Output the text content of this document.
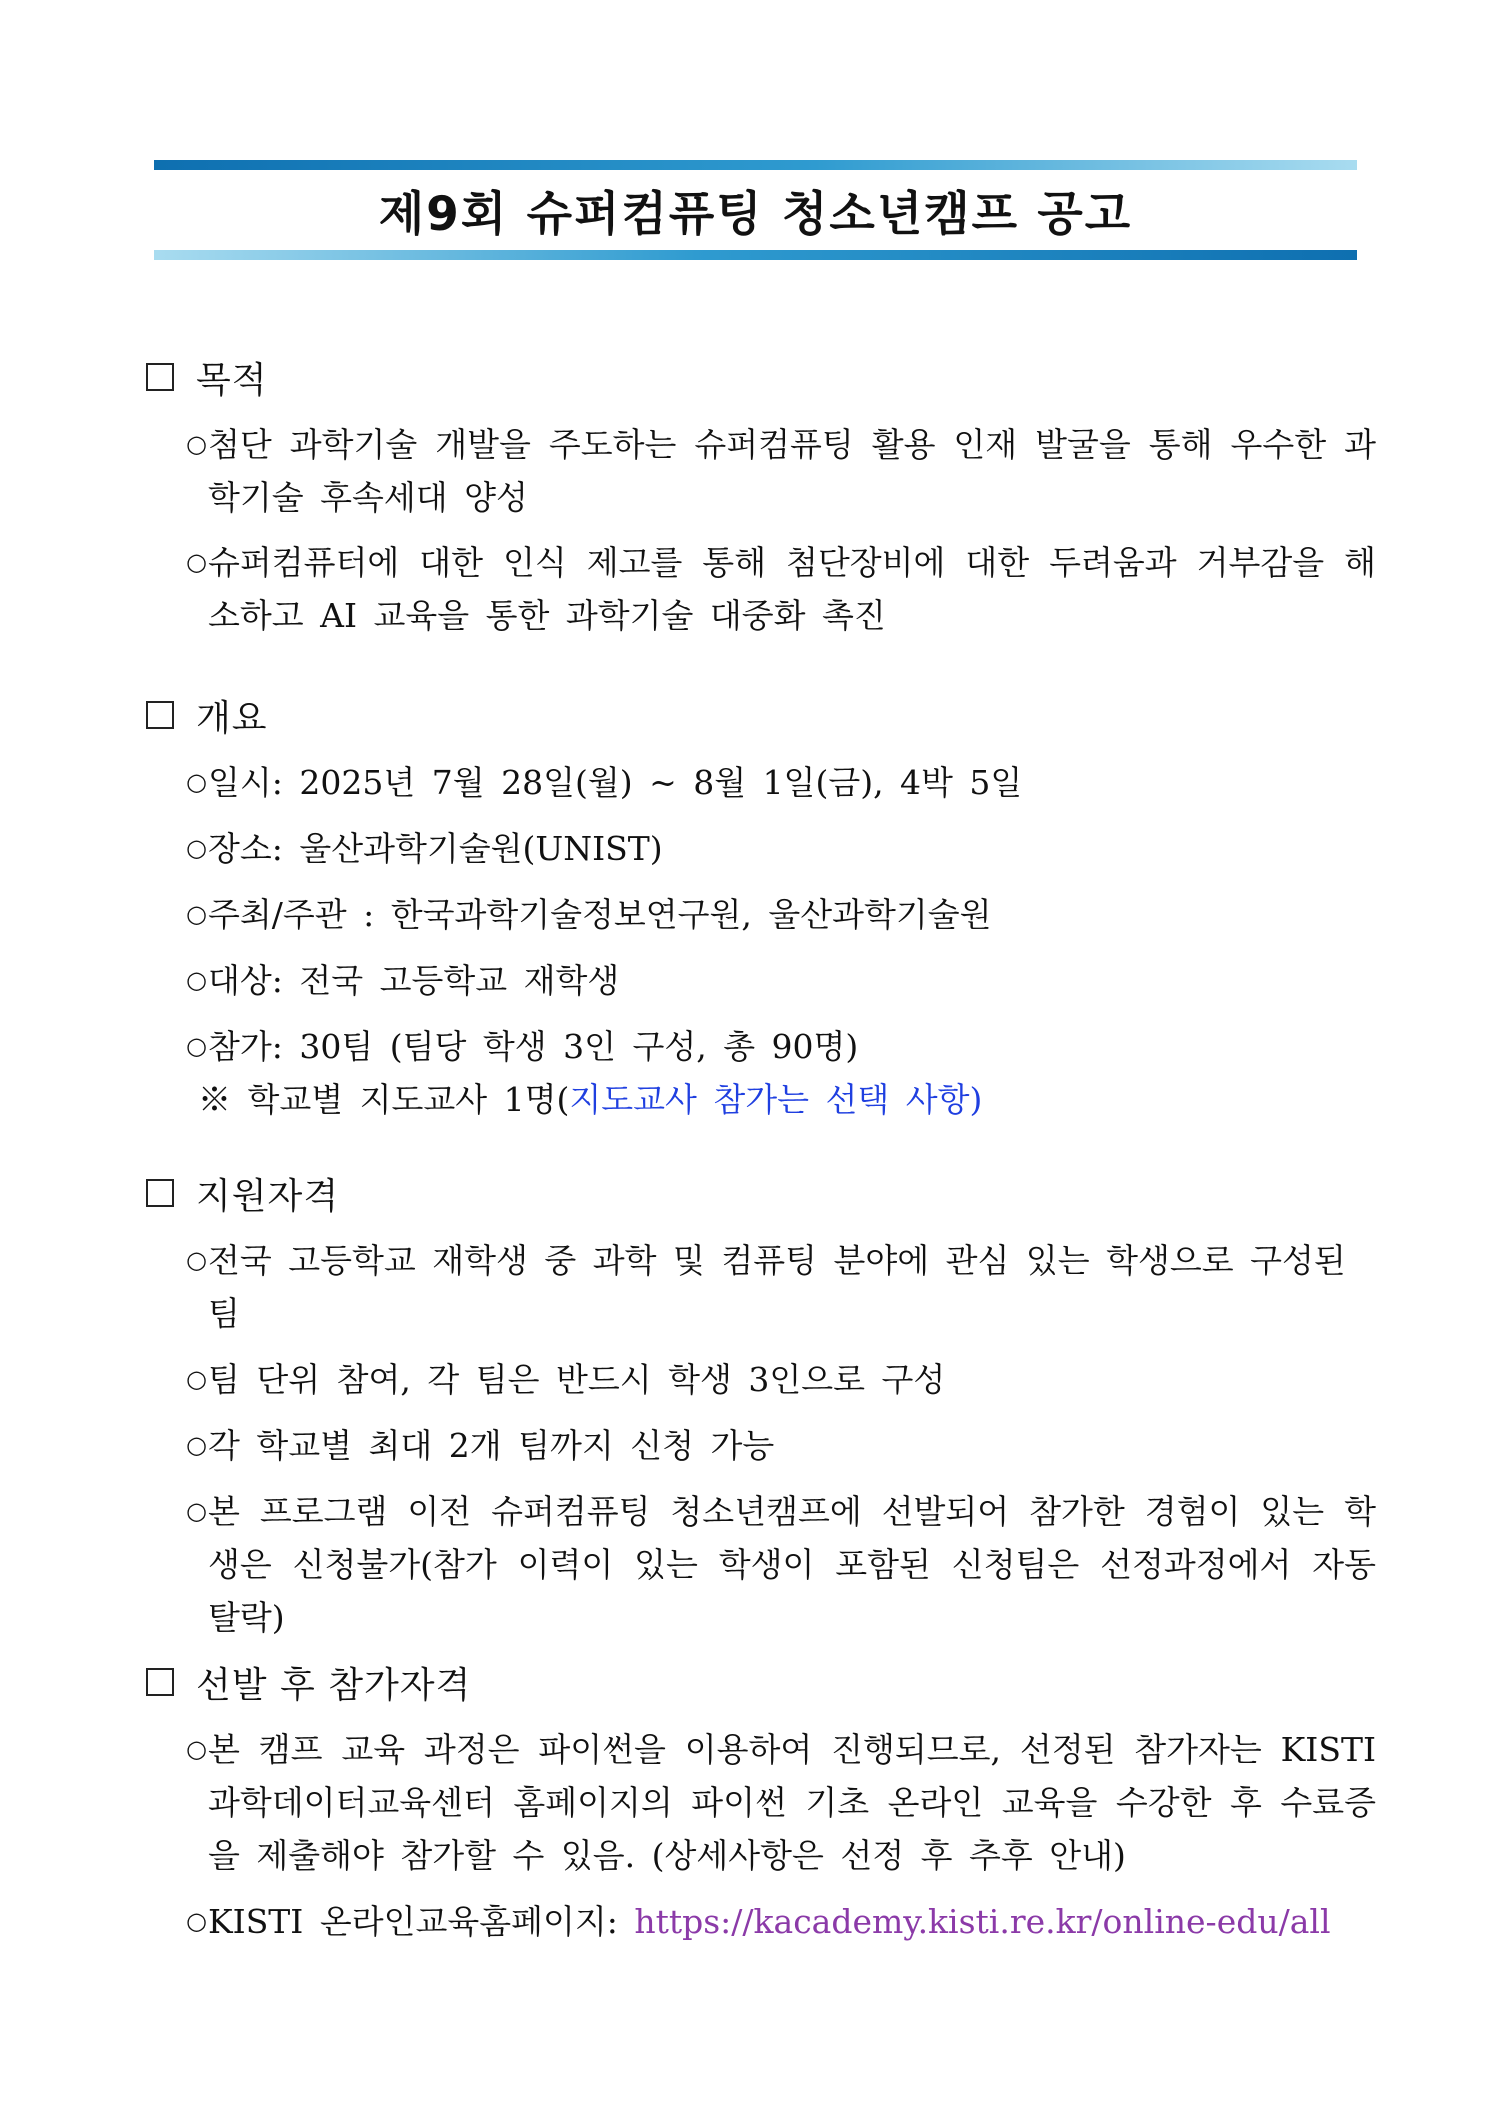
제9회 슈퍼컴퓨팅 청소년캠프 공고
목적
○ 첨단 과학기술 개발을 주도하는 슈퍼컴퓨팅 활용 인재 발굴을 통해 우수한 과학기술 후속세대 양성
○ 슈퍼컴퓨터에 대한 인식 제고를 통해 첨단장비에 대한 두려움과 거부감을 해소하고 AI 교육을 통한 과학기술 대중화 촉진
개요
○ 일시: 2025년 7월 28일(월) ~ 8월 1일(금), 4박 5일
○ 장소: 울산과학기술원(UNIST)
○ 주최/주관 : 한국과학기술정보연구원, 울산과학기술원
○ 대상: 전국 고등학교 재학생
○ 참가: 30팀 (팀당 학생 3인 구성, 총 90명)
※ 학교별 지도교사 1명(지도교사 참가는 선택 사항)
지원자격
○ 전국 고등학교 재학생 중 과학 및 컴퓨팅 분야에 관심 있는 학생으로 구성된 팀
○ 팀 단위 참여, 각 팀은 반드시 학생 3인으로 구성
○ 각 학교별 최대 2개 팀까지 신청 가능
○ 본 프로그램 이전 슈퍼컴퓨팅 청소년캠프에 선발되어 참가한 경험이 있는 학생은 신청불가(참가 이력이 있는 학생이 포함된 신청팀은 선정과정에서 자동 탈락)
선발 후 참가자격
○ 본 캠프 교육 과정은 파이썬을 이용하여 진행되므로, 선정된 참가자는 KISTI과학데이터교육센터 홈페이지의 파이썬 기초 온라인 교육을 수강한 후 수료증을 제출해야 참가할 수 있음. (상세사항은 선정 후 추후 안내)
○ KISTI 온라인교육홈페이지: https://kacademy.kisti.re.kr/online-edu/all
